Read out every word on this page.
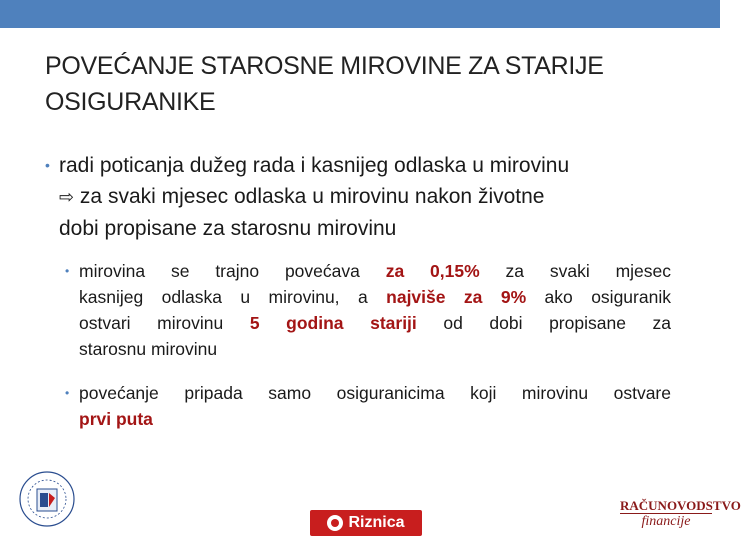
POVEĆANJE STAROSNE MIROVINE ZA STARIJE
OSIGURANIKE
• radi poticanja dužeg rada i kasnijeg odlaska u mirovinu
⇨ za svaki mjesec odlaska u mirovinu nakon životne
dobi propisane za starosnu mirovinu
• mirovina se trajno povećava za 0,15% za svaki mjesec
kasnijeg odlaska u mirovinu, a najviše za 9% ako osiguranik
ostvari mirovinu 5 godina stariji od dobi propisane za
starosnu mirovinu
• povećanje pripada samo osiguranicima koji mirovinu ostvare
prvi puta
Riznica
RAČUNOVODSTVO
financije
